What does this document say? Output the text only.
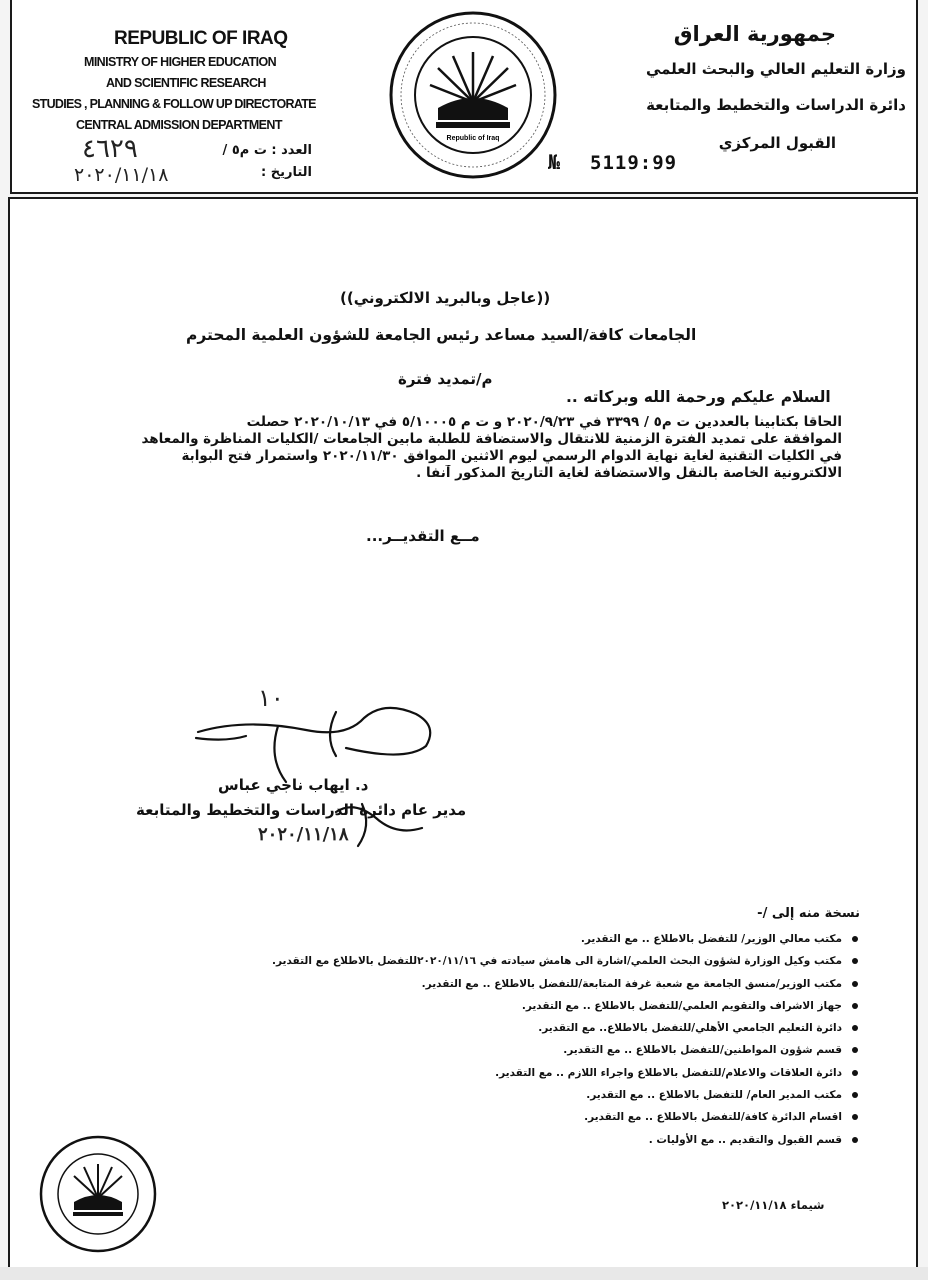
REPUBLIC OF IRAQ
MINISTRY OF HIGHER EDUCATION
AND SCIENTIFIC RESEARCH
STUDIES , PLANNING & FOLLOW UP DIRECTORATE
CENTRAL ADMISSION DEPARTMENT
جمهورية العراق
وزارة التعليم العالي والبحث العلمي
دائرة الدراسات والتخطيط والمتابعة
القبول المركزي
العدد : ت م٥ /
٤٦٢٩
التاريخ :
٢٠٢٠/١١/١٨
№ 5119:99
Republic of Iraq
((عاجل وبالبريد الالكتروني))
الجامعات كافة/السيد مساعد رئيس الجامعة للشؤون العلمية المحترم
م/تمديد فترة
السلام عليكم ورحمة الله وبركاته ..
الحاقا بكتابينا بالعددين ت م٥ / ٣٣٩٩ في ٢٠٢٠/٩/٢٣ و ت م ٥/١٠٠٠٥ في ٢٠٢٠/١٠/١٣ حصلت
الموافقة على تمديد الفترة الزمنية للانتقال والاستضافة للطلبة مابين الجامعات /الكليات المناظرة والمعاهد
في الكليات التقنية لغاية نهاية الدوام الرسمي ليوم الاثنين الموافق ٢٠٢٠/١١/٣٠ واستمرار فتح البوابة
الالكترونية الخاصة بالنقل والاستضافة لغاية التاريخ المذكور آنفا .
مــع التقديــر...
١٠
د. ايهاب ناجي عباس
مدير عام دائرة الدراسات والتخطيط والمتابعة
٢٠٢٠/١١/١٨
نسخة منه إلى /-
مكتب معالي الوزير/ للتفضل بالاطلاع .. مع التقدير.
مكتب وكيل الوزارة لشؤون البحث العلمي/اشارة الى هامش سيادته في ٢٠٢٠/١١/١٦للتفضل بالاطلاع مع التقدير.
مكتب الوزير/منسق الجامعة مع شعبة غرفة المتابعة/للتفضل بالاطلاع .. مع التقدير.
جهاز الاشراف والتقويم العلمي/للتفضل بالاطلاع .. مع التقدير.
دائرة التعليم الجامعي الأهلي/للتفضل بالاطلاع.. مع التقدير.
قسم شؤون المواطنين/للتفضل بالاطلاع .. مع التقدير.
دائرة العلاقات والاعلام/للتفضل بالاطلاع واجراء اللازم .. مع التقدير.
مكتب المدير العام/ للتفضل بالاطلاع .. مع التقدير.
اقسام الدائرة كافة/للتفضل بالاطلاع .. مع التقدير.
قسم القبول والتقديم .. مع الأوليات .
شيماء ٢٠٢٠/١١/١٨
